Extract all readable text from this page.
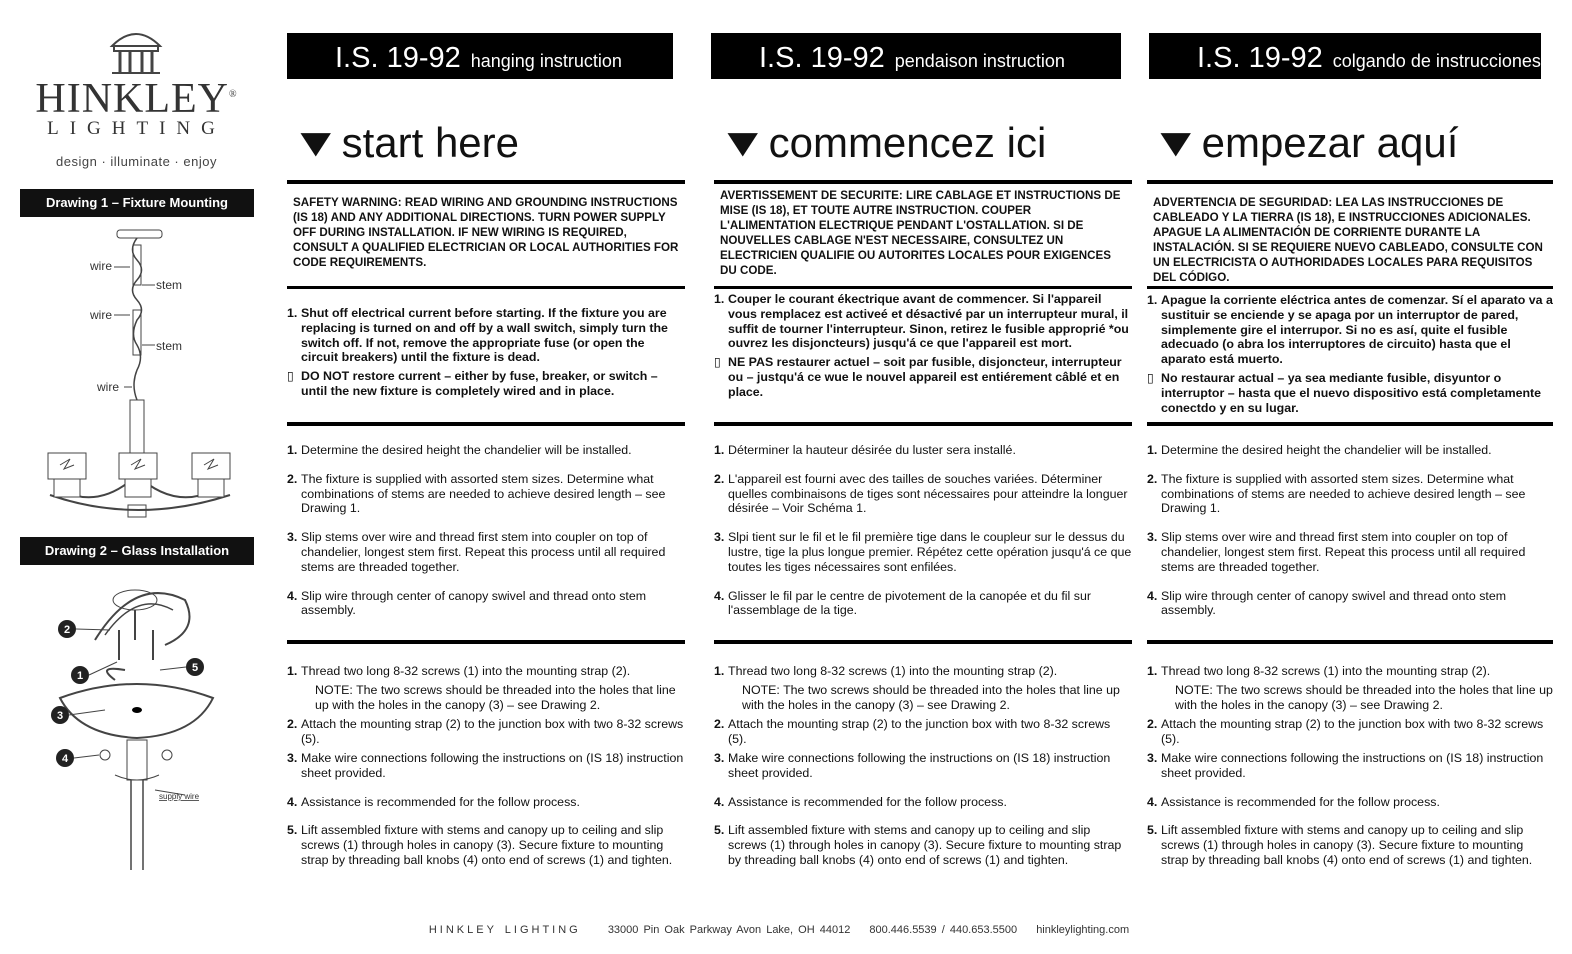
HINKLEY®
LIGHTING
design · illuminate · enjoy
Drawing 1 – Fixture Mounting
wire
stem
wire
stem
wire
Drawing 2 – Glass Installation
2
1
5
3
4
supply wire
I.S. 19-92 hanging instruction
▼ start here
SAFETY WARNING: READ WIRING AND GROUNDING INSTRUCTIONS (IS 18) AND ANY ADDITIONAL DIRECTIONS. TURN POWER SUPPLY OFF DURING INSTALLATION. IF NEW WIRING IS REQUIRED, CONSULT A QUALIFIED ELECTRICIAN OR LOCAL AUTHORITIES FOR CODE REQUIREMENTS.
1. Shut off electrical current before starting. If the fixture you are replacing is turned on and off by a wall switch, simply turn the switch off. If not, remove the appropriate fuse (or open the circuit breakers) until the fixture is dead.
▯ DO NOT restore current – either by fuse, breaker, or switch – until the new fixture is completely wired and in place.
1. Determine the desired height the chandelier will be installed.
2. The fixture is supplied with assorted stem sizes. Determine what combinations of stems are needed to achieve desired length – see Drawing 1.
3. Slip stems over wire and thread first stem into coupler on top of chandelier, longest stem first. Repeat this process until all required stems are threaded together.
4. Slip wire through center of canopy swivel and thread onto stem assembly.
1. Thread two long 8-32 screws (1) into the mounting strap (2).
NOTE: The two screws should be threaded into the holes that line up with the holes in the canopy (3) – see Drawing 2.
2. Attach the mounting strap (2) to the junction box with two 8-32 screws (5).
3. Make wire connections following the instructions on (IS 18) instruction sheet provided.
4. Assistance is recommended for the follow process.
5. Lift assembled fixture with stems and canopy up to ceiling and slip screws (1) through holes in canopy (3). Secure fixture to mounting strap by threading ball knobs (4) onto end of screws (1) and tighten.
I.S. 19-92 pendaison instruction
▼ commencez ici
AVERTISSEMENT DE SECURITE: LIRE CABLAGE ET INSTRUCTIONS DE MISE (IS 18), ET TOUTE AUTRE INSTRUCTION. COUPER L'ALIMENTATION ELECTRIQUE PENDANT L'OSTALLATION. SI DE NOUVELLES CABLAGE N'EST NECESSAIRE, CONSULTEZ UN ELECTRICIEN QUALIFIE OU AUTORITES LOCALES POUR EXIGENCES DU CODE.
1. Couper le courant ékectrique avant de commencer. Si l'appareil vous remplacez est activeé et désactivé par un interrupteur mural, il suffit de tourner l'interrupteur. Sinon, retirez le fusible approprié *ou ouvrez les disjoncteurs) jusqu'á ce que l'appareil est mort.
▯ NE PAS restaurer actuel – soit par fusible, disjoncteur, interrupteur ou – justqu'á ce wue le nouvel appareil est entiérement câblé et en place.
1. Déterminer la hauteur désirée du luster sera installé.
2. L'appareil est fourni avec des tailles de souches variées. Déterminer quelles combinaisons de tiges sont nécessaires pour atteindre la longuer désirée – Voir Schéma 1.
3. Slpi tient sur le fil et le fil première tige dans le coupleur sur le dessus du lustre, tige la plus longue premier. Répétez cette opération jusqu'á ce que toutes les tiges nécessaires sont enfilées.
4. Glisser le fil par le centre de pivotement de la canopée et du fil sur l'assemblage de la tige.
1. Thread two long 8-32 screws (1) into the mounting strap (2).
NOTE: The two screws should be threaded into the holes that line up with the holes in the canopy (3) – see Drawing 2.
2. Attach the mounting strap (2) to the junction box with two 8-32 screws (5).
3. Make wire connections following the instructions on (IS 18) instruction sheet provided.
4. Assistance is recommended for the follow process.
5. Lift assembled fixture with stems and canopy up to ceiling and slip screws (1) through holes in canopy (3). Secure fixture to mounting strap by threading ball knobs (4) onto end of screws (1) and tighten.
I.S. 19-92 colgando de instrucciones
▼ empezar aquí
ADVERTENCIA DE SEGURIDAD: LEA LAS INSTRUCCIONES DE CABLEADO Y LA TIERRA (IS 18), E INSTRUCCIONES ADICIONALES. APAGUE LA ALIMENTACIÓN DE CORRIENTE DURANTE LA INSTALACIÓN. SI SE REQUIERE NUEVO CABLEADO, CONSULTE CON UN ELECTRICISTA O AUTHORIDADES LOCALES PARA REQUISITOS DEL CÓDIGO.
1. Apague la corriente eléctrica antes de comenzar. Sí el aparato va a sustituir se enciende y se apaga por un interruptor de pared, simplemente gire el interrupor. Si no es así, quite el fusible adecuado (o abra los interruptores de circuito) hasta que el aparato está muerto.
▯ No restaurar actual – ya sea mediante fusible, disyuntor o interruptor – hasta que el nuevo dispositivo está completamente conectdo y en su lugar.
1. Determine the desired height the chandelier will be installed.
2. The fixture is supplied with assorted stem sizes. Determine what combinations of stems are needed to achieve desired length – see Drawing 1.
3. Slip stems over wire and thread first stem into coupler on top of chandelier, longest stem first. Repeat this process until all required stems are threaded together.
4. Slip wire through center of canopy swivel and thread onto stem assembly.
1. Thread two long 8-32 screws (1) into the mounting strap (2).
NOTE: The two screws should be threaded into the holes that line up with the holes in the canopy (3) – see Drawing 2.
2. Attach the mounting strap (2) to the junction box with two 8-32 screws (5).
3. Make wire connections following the instructions on (IS 18) instruction sheet provided.
4. Assistance is recommended for the follow process.
5. Lift assembled fixture with stems and canopy up to ceiling and slip screws (1) through holes in canopy (3). Secure fixture to mounting strap by threading ball knobs (4) onto end of screws (1) and tighten.
HINKLEY LIGHTING 33000 Pin Oak Parkway Avon Lake, OH 44012 800.446.5539 / 440.653.5500 hinkleylighting.com
